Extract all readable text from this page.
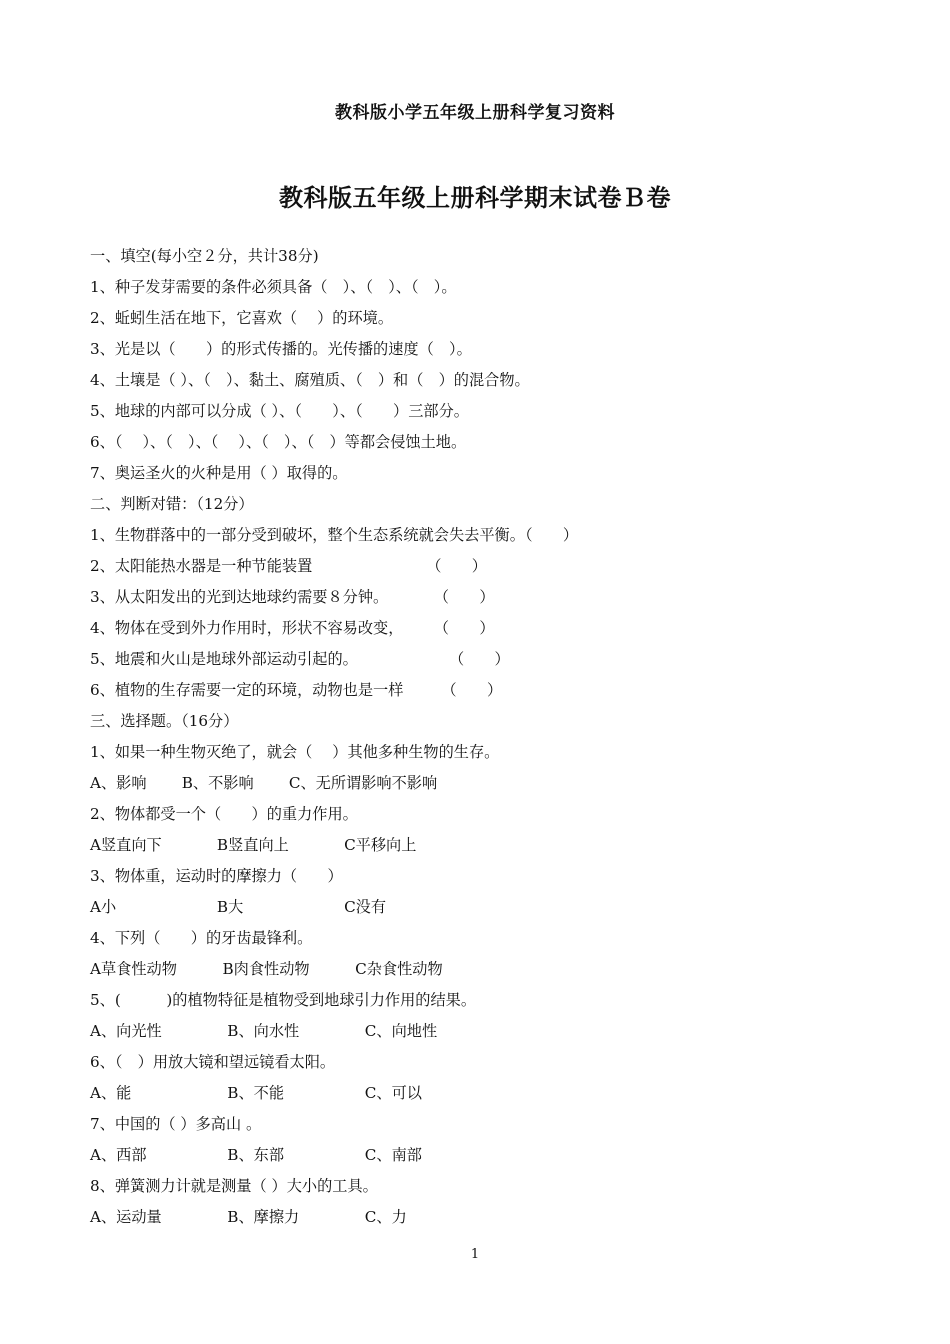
教科版小学五年级上册科学复习资料
教科版五年级上册科学期末试卷Ｂ卷
一、填空(每小空２分，共计38分)
1、种子发芽需要的条件必须具备（　）、（　）、（　）。
2、蚯蚓生活在地下，它喜欢（　 ）的环境。
3、光是以（　　）的形式传播的。光传播的速度（　）。
4、土壤是（ ）、（　）、黏土、腐殖质、（　）和（　）的混合物。
5、地球的内部可以分成（ ）、（　　）、（　　）三部分。
6、（　 ）、（　）、（　 ）、（　）、（　）等都会侵蚀土地。
7、奥运圣火的火种是用（ ）取得的。
二、判断对错：（12分）
1、生物群落中的一部分受到破坏，整个生态系统就会失去平衡。（　　）
2、太阳能热水器是一种节能装置　　　　　　　　（　　）
3、从太阳发出的光到达地球约需要８分钟。　　　　（　　）
4、物体在受到外力作用时，形状不容易改变，　　　（　　）
5、地震和火山是地球外部运动引起的。　　　　　　　（　　）
6、植物的生存需要一定的环境，动物也是一样　　　（　　）
三、选择题。（16分）
1、如果一种生物灭绝了，就会（　 ）其他多种生物的生存。
A、影响 　　B、不影响 　　C、无所谓影响不影响
2、物体都受一个（　　）的重力作用。
A竖直向下 　　　 B竖直向上 　　　 C平移向上
3、物体重，运动时的摩擦力（　　）
A小 　　　　　　 B大 　　　　　　 C没有
4、下列（　　）的牙齿最锋利。
A草食性动物　　　B肉食性动物　　　C杂食性动物
5、(　　　)的植物特征是植物受到地球引力作用的结果。
A、向光性 　　　　B、向水性 　　　　C、向地性
6、（　）用放大镜和望远镜看太阳。
A、能 　　　　　　B、不能 　　　　　C、可以
7、中国的（ ）多高山 。
A、西部 　　　　　B、东部 　　　　　C、南部
8、弹簧测力计就是测量（ ）大小的工具。
A、运动量 　　　　B、摩擦力 　　　　C、力
1
